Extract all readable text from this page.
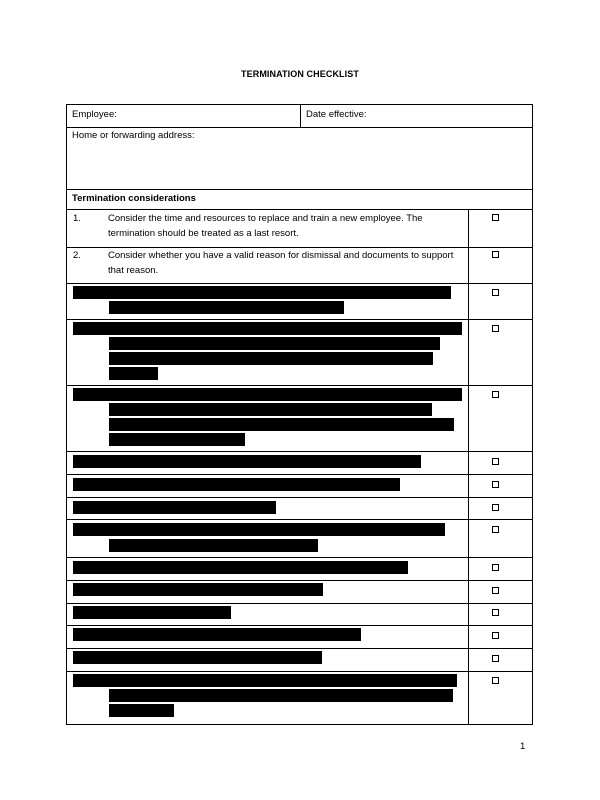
TERMINATION CHECKLIST
Employee:	Date effective:
Home or forwarding address:
Termination considerations
1.	Consider the time and resources to replace and train a new employee. The termination should be treated as a last resort.
2.	Consider whether you have a valid reason for dismissal and documents to support that reason.
1
